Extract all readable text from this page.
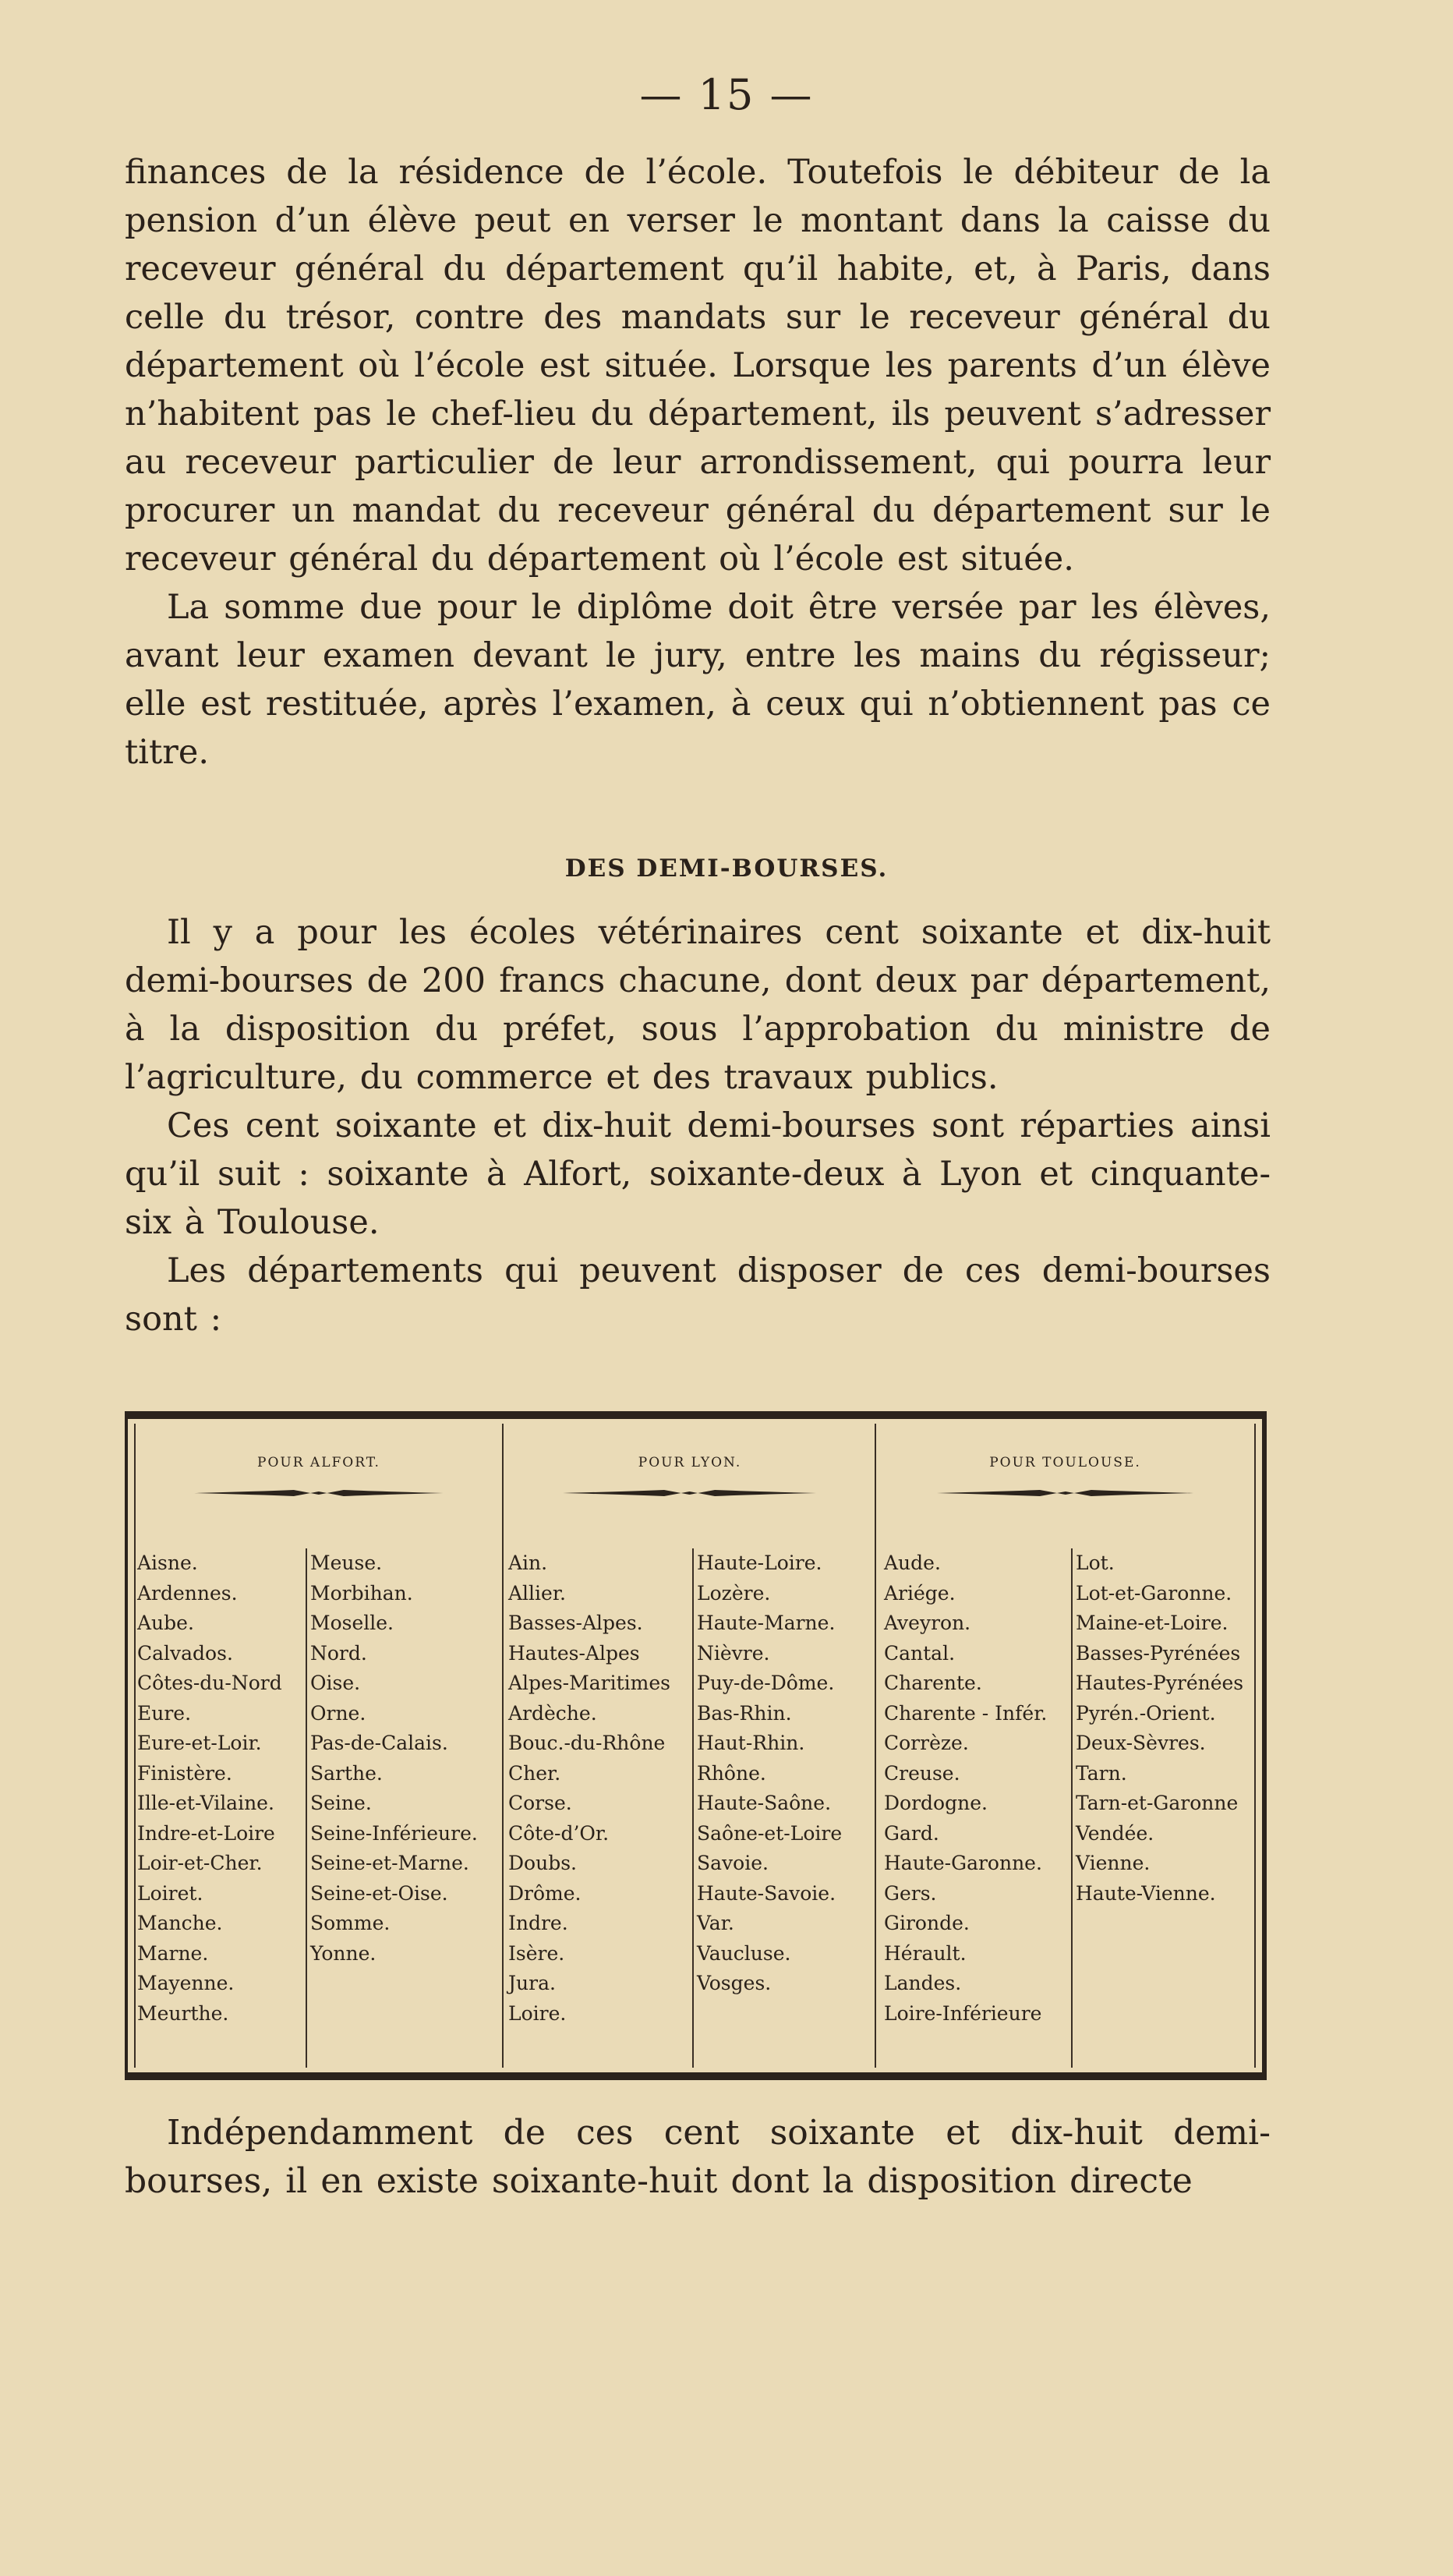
— 15 —

finances de la résidence de l’école. Toutefois le débiteur de la pension d’un élève peut en verser le montant dans la caisse du receveur général du département qu’il habite, et, à Paris, dans celle du trésor, contre des mandats sur le receveur général du département où l’école est située. Lorsque les parents d’un élève n’habitent pas le chef-lieu du département, ils peuvent s’adresser au receveur particulier de leur arrondissement, qui pourra leur procurer un mandat du receveur général du département sur le receveur général du département où l’école est située.

La somme due pour le diplôme doit être versée par les élèves, avant leur examen devant le jury, entre les mains du régisseur; elle est restituée, après l’examen, à ceux qui n’obtiennent pas ce titre.

DES DEMI-BOURSES.

Il y a pour les écoles vétérinaires cent soixante et dix-huit demi-bourses de 200 francs chacune, dont deux par département, à la disposition du préfet, sous l’approbation du ministre de l’agriculture, du commerce et des travaux publics.

Ces cent soixante et dix-huit demi-bourses sont réparties ainsi qu’il suit : soixante à Alfort, soixante-deux à Lyon et cinquante-six à Toulouse.

Les départements qui peuvent disposer de ces demi-bourses sont :

POUR ALFORT.
Aisne.
Ardennes.
Aube.
Calvados.
Côtes-du-Nord
Eure.
Eure-et-Loir.
Finistère.
Ille-et-Vilaine.
Indre-et-Loire
Loir-et-Cher.
Loiret.
Manche.
Marne.
Mayenne.
Meurthe.
Meuse.
Morbihan.
Moselle.
Nord.
Oise.
Orne.
Pas-de-Calais.
Sarthe.
Seine.
Seine-Inférieure.
Seine-et-Marne.
Seine-et-Oise.
Somme.
Yonne.
POUR LYON.
Ain.
Allier.
Basses-Alpes.
Hautes-Alpes
Alpes-Maritimes
Ardèche.
Bouc.-du-Rhône
Cher.
Corse.
Côte-d’Or.
Doubs.
Drôme.
Indre.
Isère.
Jura.
Loire.
Haute-Loire.
Lozère.
Haute-Marne.
Nièvre.
Puy-de-Dôme.
Bas-Rhin.
Haut-Rhin.
Rhône.
Haute-Saône.
Saône-et-Loire
Savoie.
Haute-Savoie.
Var.
Vaucluse.
Vosges.
POUR TOULOUSE.
Aude.
Ariége.
Aveyron.
Cantal.
Charente.
Charente - Infér.
Corrèze.
Creuse.
Dordogne.
Gard.
Haute-Garonne.
Gers.
Gironde.
Hérault.
Landes.
Loire-Inférieure
Lot.
Lot-et-Garonne.
Maine-et-Loire.
Basses-Pyrénées
Hautes-Pyrénées
Pyrén.-Orient.
Deux-Sèvres.
Tarn.
Tarn-et-Garonne
Vendée.
Vienne.
Haute-Vienne.

Indépendamment de ces cent soixante et dix-huit demi-bourses, il en existe soixante-huit dont la disposition directe
